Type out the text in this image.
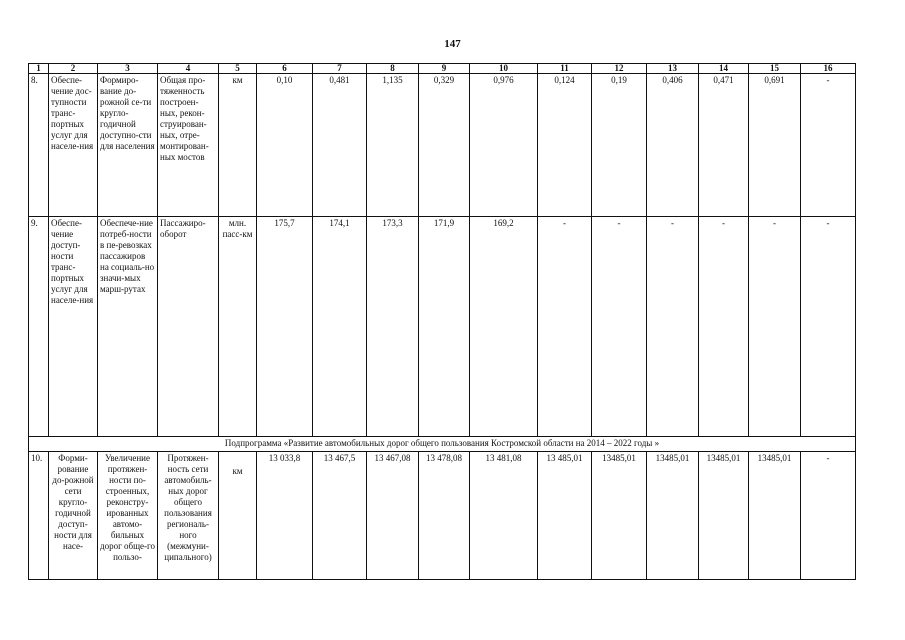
147
1	2	3	4	5	6	7	8	9	10	11	12	13	14	15	16
8.	Обеспе-чение дос-тупности транс-портных услуг для населе-ния	Формиро-вание до-рожной се-ти кругло-годичной доступно-сти для населения	Общая про-тяженность построен-ных, рекон-струирован-ных, отре-монтирован-ных мостов	км	0,10	0,481	1,135	0,329	0,976	0,124	0,19	0,406	0,471	0,691	-
9.	Обеспе-чение доступ-ности транс-портных услуг для населе-ния	Обеспече-ние потреб-ности в пе-ревозках пассажиров на социаль-но значи-мых марш-рутах	Пассажиро-оборот	млн. пасс-км	175,7	174,1	173,3	171,9	169,2	-	-	-	-	-	-
Подпрограмма «Развитие автомобильных дорог общего пользования Костромской области на 2014 – 2022 годы »															
10.	Форми-рование до-рожной сети кругло-годичной доступ-ности для насе-	Увеличение протяжен-ности по-строенных, реконстру-ированных автомо-бильных дорог обще-го пользо-	Протяжен-ность сети автомобиль-ных дорог общего пользования региональ-ного (межмуни-ципального)	км	13 033,8	13 467,5	13 467,08	13 478,08	13 481,08	13 485,01	13485,01	13485,01	13485,01	13485,01	-
